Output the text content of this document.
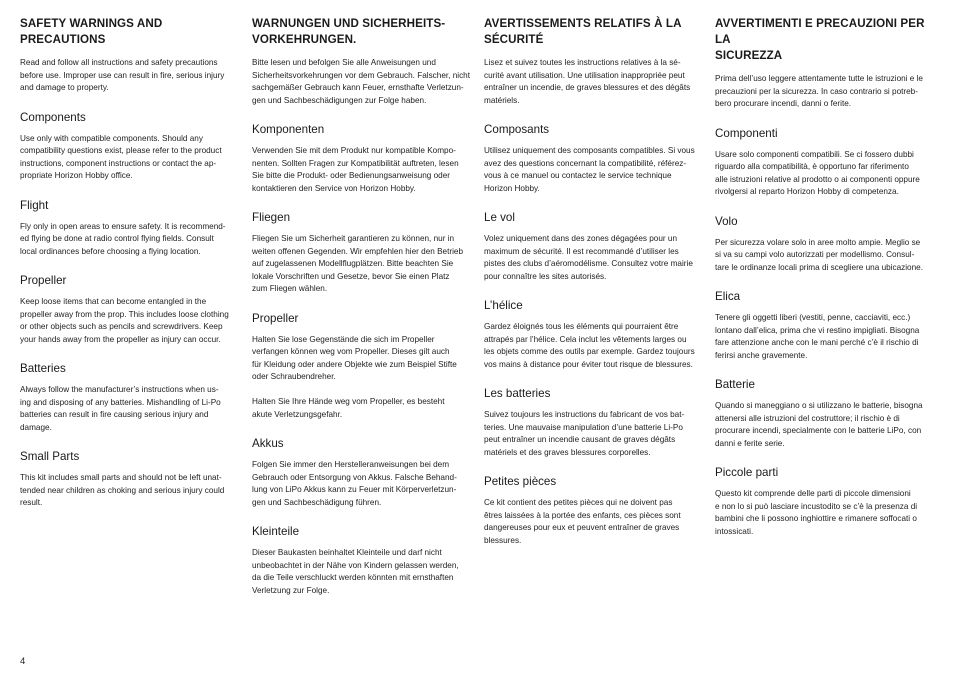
SAFETY WARNINGS AND PRECAUTIONS
Read and follow all instructions and safety precautions
before use. Improper use can result in fire, serious injury
and damage to property.
Components
Use only with compatible components. Should any
compatibility questions exist, please refer to the product
instructions, component instructions or contact the ap-
propriate Horizon Hobby office.
Flight
Fly only in open areas to ensure safety. It is recommend-
ed flying be done at radio control flying fields. Consult
local ordinances before choosing a flying location.
Propeller
Keep loose items that can become entangled in the
propeller away from the prop. This includes loose clothing
or other objects such as pencils and screwdrivers. Keep
your hands away from the propeller as injury can occur.
Batteries
Always follow the manufacturer’s instructions when us-
ing and disposing of any batteries. Mishandling of Li-Po
batteries can result in fire causing serious injury and
damage.
Small Parts
This kit includes small parts and should not be left unat-
tended near children as choking and serious injury could
result.
WARNUNGEN UND SICHERHEITS-
VORKEHRUNGEN.
Bitte lesen und befolgen Sie alle Anweisungen und
Sicherheitsvorkehrungen vor dem Gebrauch. Falscher, nicht
sachgemäßer Gebrauch kann Feuer, ernsthafte Verletzun-
gen und Sachbeschädigungen zur Folge haben.
Komponenten
Verwenden Sie mit dem Produkt nur kompatible Kompo-
nenten. Sollten Fragen zur Kompatibilität auftreten, lesen
Sie bitte die Produkt- oder Bedienungsanweisung oder
kontaktieren den Service von Horizon Hobby.
Fliegen
Fliegen Sie um Sicherheit garantieren zu können, nur in
weiten offenen Gegenden. Wir empfehlen hier den Betrieb
auf zugelassenen Modellflugplätzen. Bitte beachten Sie
lokale Vorschriften und Gesetze, bevor Sie einen Platz
zum Fliegen wählen.
Propeller
Halten Sie lose Gegenstände die sich im Propeller
verfangen können weg vom Propeller. Dieses gilt auch
für Kleidung oder andere Objekte wie zum Beispiel Stifte
oder Schraubendreher.

Halten Sie Ihre Hände weg vom Propeller, es besteht
akute Verletzungsgefahr.
Akkus
Folgen Sie immer den Herstelleranweisungen bei dem
Gebrauch oder Entsorgung von Akkus. Falsche Behand-
lung von LiPo Akkus kann zu Feuer mit Körperverletzun-
gen und Sachbeschädigung führen.
Kleinteile
Dieser Baukasten beinhaltet Kleinteile und darf nicht
unbeobachtet in der Nähe von Kindern gelassen werden,
da die Teile verschluckt werden könnten mit ernsthaften
Verletzung zur Folge.
AVERTISSEMENTS RELATIFS À LA
SÉCURITÉ
Lisez et suivez toutes les instructions relatives à la sé-
curité avant utilisation. Une utilisation inappropriée peut
entraîner un incendie, de graves blessures et des dégâts
matériels.
Composants
Utilisez uniquement des composants compatibles. Si vous
avez des questions concernant la compatibilité, référez-
vous à ce manuel ou contactez le service technique
Horizon Hobby.
Le vol
Volez uniquement dans des zones dégagées pour un
maximum de sécurité. Il est recommandé d’utiliser les
pistes des clubs d’aéromodélisme. Consultez votre mairie
pour connaître les sites autorisés.
L’hélice
Gardez éloignés tous les éléments qui pourraient être
attrapés par l’hélice. Cela inclut les vêtements larges ou
les objets comme des outils par exemple. Gardez toujours
vos mains à distance pour éviter tout risque de blessures.
Les batteries
Suivez toujours les instructions du fabricant de vos bat-
teries. Une mauvaise manipulation d’une batterie Li-Po
peut entraîner un incendie causant de graves dégâts
matériels et des graves blessures corporelles.
Petites pièces
Ce kit contient des petites pièces qui ne doivent pas
êtres laissées à la portée des enfants, ces pièces sont
dangereuses pour eux et peuvent entraîner de graves
blessures.
AVVERTIMENTI E PRECAUZIONI PER LA
SICUREZZA
Prima dell’uso leggere attentamente tutte le istruzioni e le
precauzioni per la sicurezza. In caso contrario si potreb-
bero procurare incendi, danni o ferite.
Componenti
Usare solo componenti compatibili. Se ci fossero dubbi
riguardo alla compatibilità, è opportuno far riferimento
alle istruzioni relative al prodotto o ai componenti oppure
rivolgersi al reparto Horizon Hobby di competenza.
Volo
Per sicurezza volare solo in aree molto ampie. Meglio se
si va su campi volo autorizzati per modellismo. Consul-
tare le ordinanze locali prima di scegliere una ubicazione.
Elica
Tenere gli oggetti liberi (vestiti, penne, cacciaviti, ecc.)
lontano dall’elica, prima che vi restino impigliati. Bisogna
fare attenzione anche con le mani perché c’è il rischio di
ferirsi anche gravemente.
Batterie
Quando si maneggiano o si utilizzano le batterie, bisogna
attenersi alle istruzioni del costruttore; il rischio è di
procurare incendi, specialmente con le batterie LiPo, con
danni e ferite serie.
Piccole parti
Questo kit comprende delle parti di piccole dimensioni
e non lo si può lasciare incustodito se c’è la presenza di
bambini che li possono inghiottire e rimanere soffocati o
intossicati.
4
